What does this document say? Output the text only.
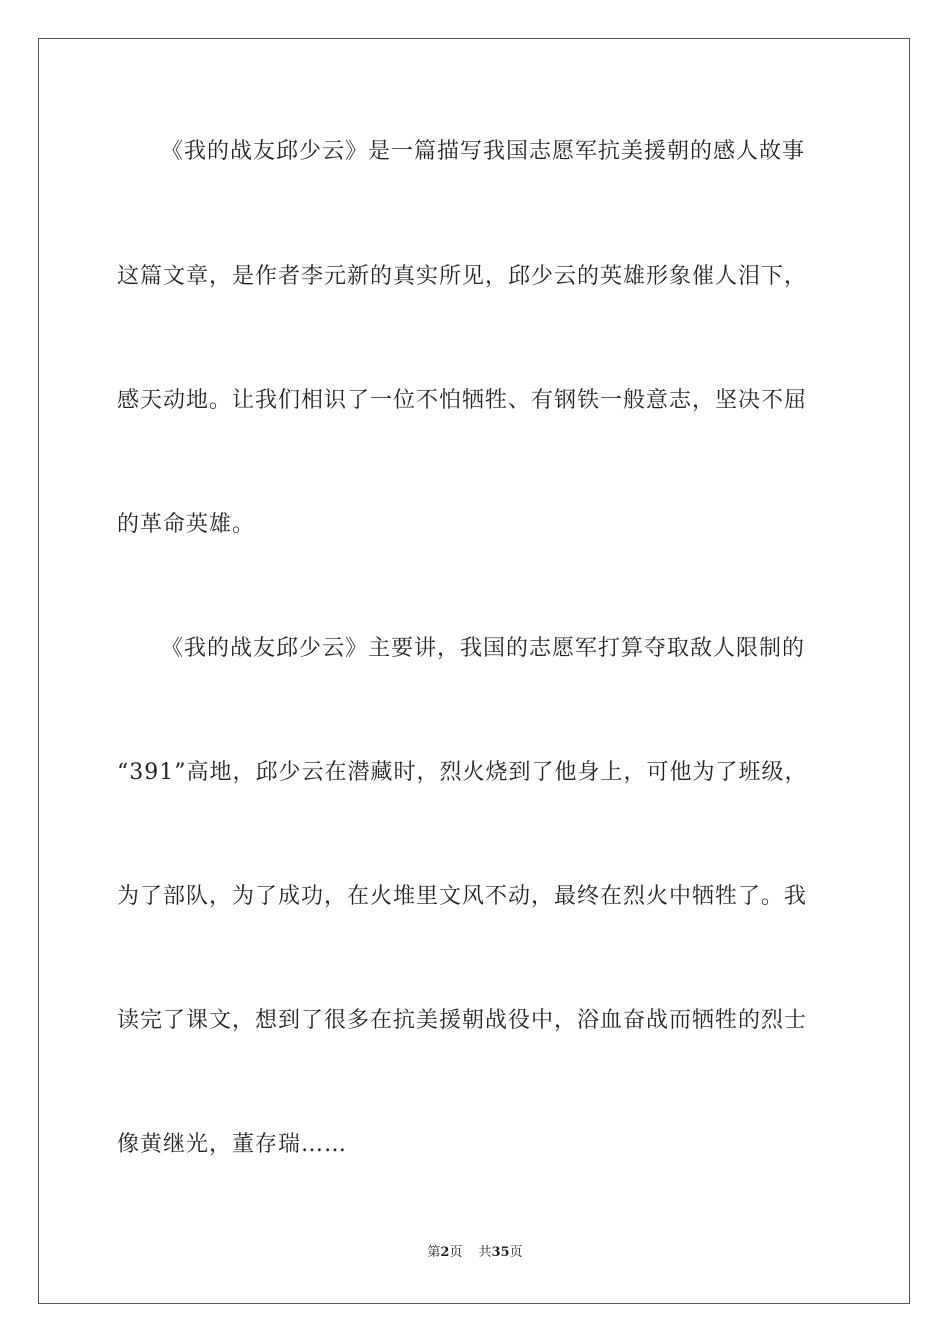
《我的战友邱少云》是一篇描写我国志愿军抗美援朝的感人故事
这篇文章，是作者李元新的真实所见，邱少云的英雄形象催人泪下，
感天动地。让我们相识了一位不怕牺牲、有钢铁一般意志，坚决不屈
的革命英雄。
《我的战友邱少云》主要讲，我国的志愿军打算夺取敌人限制的
“391”高地，邱少云在潜藏时，烈火烧到了他身上，可他为了班级，
为了部队，为了成功，在火堆里文风不动，最终在烈火中牺牲了。我
读完了课文，想到了很多在抗美援朝战役中，浴血奋战而牺牲的烈士
像黄继光，董存瑞……
第2页 共35页
